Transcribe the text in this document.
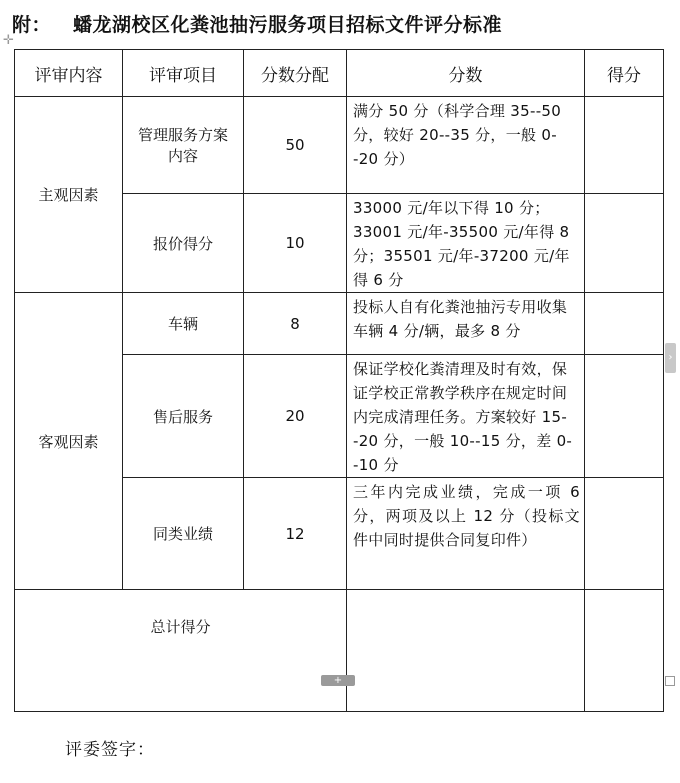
✛
附： 蟠龙湖校区化粪池抽污服务项目招标文件评分标准
评审内容	评审项目	分数分配	分数	得分
主观因素	管理服务方案内容	50	满分 50 分（科学合理 35--50 分，较好 20--35 分，一般 0--20 分）	
	报价得分	10	33000 元/年以下得 10 分；33001 元/年-35500 元/年得 8 分；35501 元/年-37200 元/年得 6 分	
客观因素	车辆	8	投标人自有化粪池抽污专用收集车辆 4 分/辆，最多 8 分	
	售后服务	20	保证学校化粪清理及时有效，保证学校正常教学秩序在规定时间内完成清理任务。方案较好 15--20 分，一般 10--15 分，差 0--10 分	
	同类业绩	12	三年内完成业绩，完成一项 6 分，两项及以上 12 分（投标文件中同时提供合同复印件）	
总计得分				
›
+
评委签字：
